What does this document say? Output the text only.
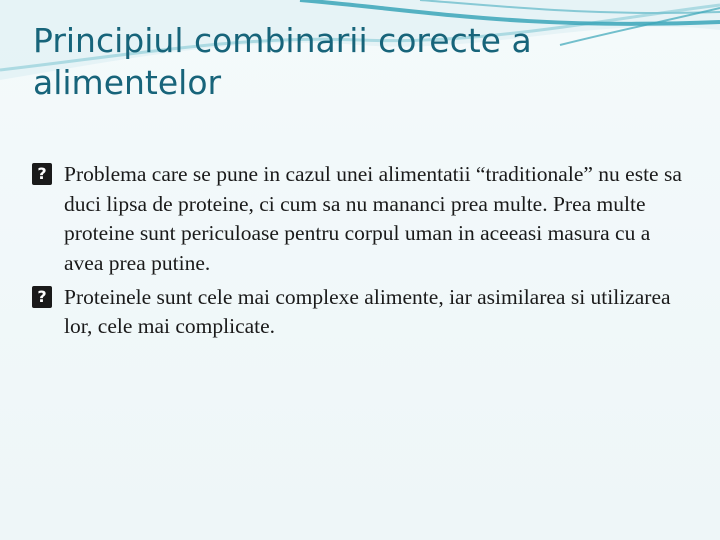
Principiul combinarii corecte a alimentelor

? Problema care se pune in cazul unei alimentatii “traditionale” nu este sa duci lipsa de proteine, ci cum sa nu mananci prea multe. Prea multe proteine sunt periculoase pentru corpul uman in aceeasi masura cu a avea prea putine.

? Proteinele sunt cele mai complexe alimente, iar asimilarea si utilizarea lor, cele mai complicate.
